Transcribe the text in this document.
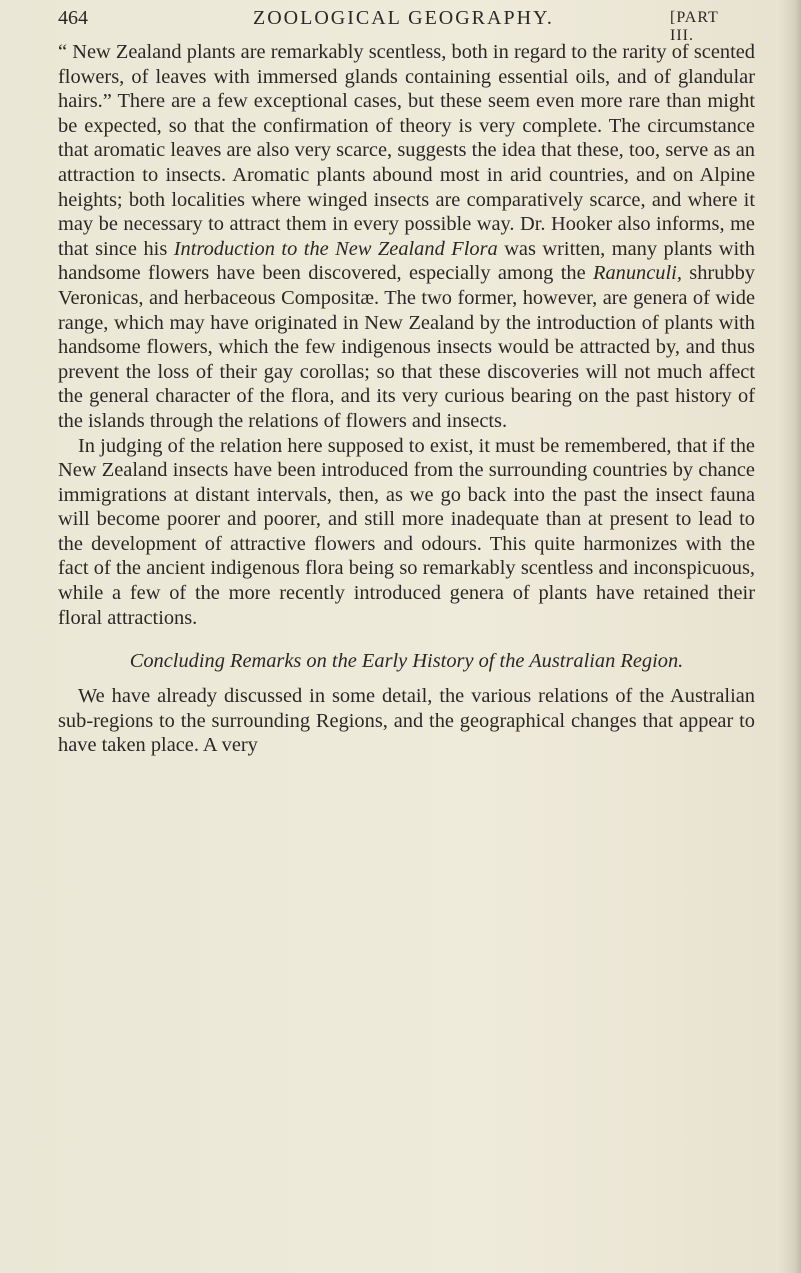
464	ZOOLOGICAL GEOGRAPHY.	[PART III.

“ New Zealand plants are remarkably scentless, both in regard to the rarity of scented flowers, of leaves with immersed glands containing essential oils, and of glandular hairs.” There are a few exceptional cases, but these seem even more rare than might be expected, so that the confirmation of theory is very complete. The circumstance that aromatic leaves are also very scarce, suggests the idea that these, too, serve as an attraction to insects. Aromatic plants abound most in arid countries, and on Alpine heights; both localities where winged insects are comparatively scarce, and where it may be necessary to attract them in every possible way. Dr. Hooker also informs, me that since his Introduction to the New Zealand Flora was written, many plants with handsome flowers have been discovered, especially among the Ranunculi, shrubby Veronicas, and herbaceous Compositæ. The two former, however, are genera of wide range, which may have originated in New Zealand by the introduction of plants with handsome flowers, which the few indigenous insects would be attracted by, and thus prevent the loss of their gay corollas; so that these discoveries will not much affect the general character of the flora, and its very curious bearing on the past history of the islands through the relations of flowers and insects.

In judging of the relation here supposed to exist, it must be remembered, that if the New Zealand insects have been introduced from the surrounding countries by chance immigrations at distant intervals, then, as we go back into the past the insect fauna will become poorer and poorer, and still more inadequate than at present to lead to the development of attractive flowers and odours. This quite harmonizes with the fact of the ancient indigenous flora being so remarkably scentless and inconspicuous, while a few of the more recently introduced genera of plants have retained their floral attractions.

Concluding Remarks on the Early History of the Australian Region.

We have already discussed in some detail, the various relations of the Australian sub-regions to the surrounding Regions, and the geographical changes that appear to have taken place. A very
